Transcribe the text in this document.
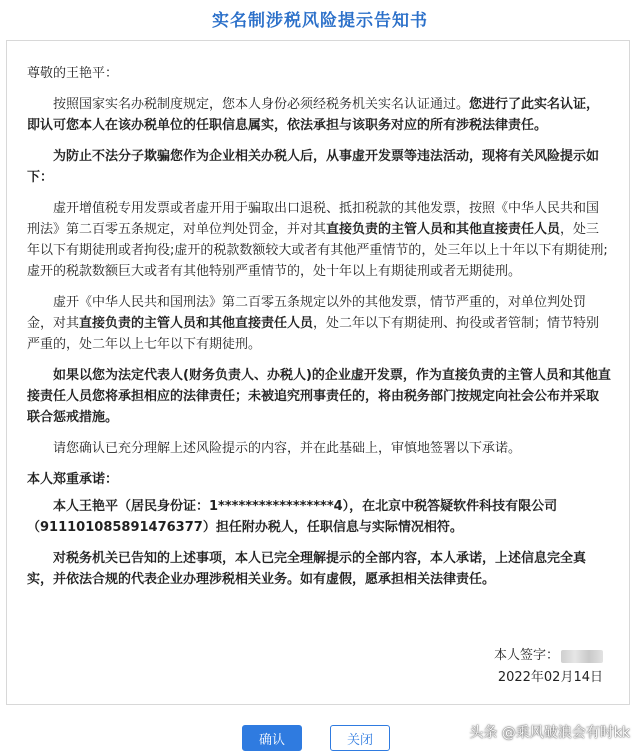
实名制涉税风险提示告知书

尊敬的王艳平：

按照国家实名办税制度规定，您本人身份必须经税务机关实名认证通过。您进行了此实名认证，即认可您本人在该办税单位的任职信息属实，依法承担与该职务对应的所有涉税法律责任。

为防止不法分子欺骗您作为企业相关办税人后，从事虚开发票等违法活动，现将有关风险提示如下：

虚开增值税专用发票或者虚开用于骗取出口退税、抵扣税款的其他发票，按照《中华人民共和国刑法》第二百零五条规定，对单位判处罚金，并对其直接负责的主管人员和其他直接责任人员，处三年以下有期徒刑或者拘役;虚开的税款数额较大或者有其他严重情节的，处三年以上十年以下有期徒刑;虚开的税款数额巨大或者有其他特别严重情节的，处十年以上有期徒刑或者无期徒刑。

虚开《中华人民共和国刑法》第二百零五条规定以外的其他发票，情节严重的，对单位判处罚金，对其直接负责的主管人员和其他直接责任人员，处二年以下有期徒刑、拘役或者管制；情节特别严重的，处二年以上七年以下有期徒刑。

如果以您为法定代表人(财务负责人、办税人)的企业虚开发票，作为直接负责的主管人员和其他直接责任人员您将承担相应的法律责任；未被追究刑事责任的，将由税务部门按规定向社会公布并采取联合惩戒措施。

请您确认已充分理解上述风险提示的内容，并在此基础上，审慎地签署以下承诺。

本人郑重承诺：

本人王艳平（居民身份证：1*****************4），在北京中税答疑软件科技有限公司（911101085891476377）担任附办税人，任职信息与实际情况相符。

对税务机关已告知的上述事项，本人已完全理解提示的全部内容，本人承诺，上述信息完全真实，并依法合规的代表企业办理涉税相关业务。如有虚假，愿承担相关法律责任。

本人签字：
2022年02月14日
确认	关闭	头条 @乘风破浪会有时kk
